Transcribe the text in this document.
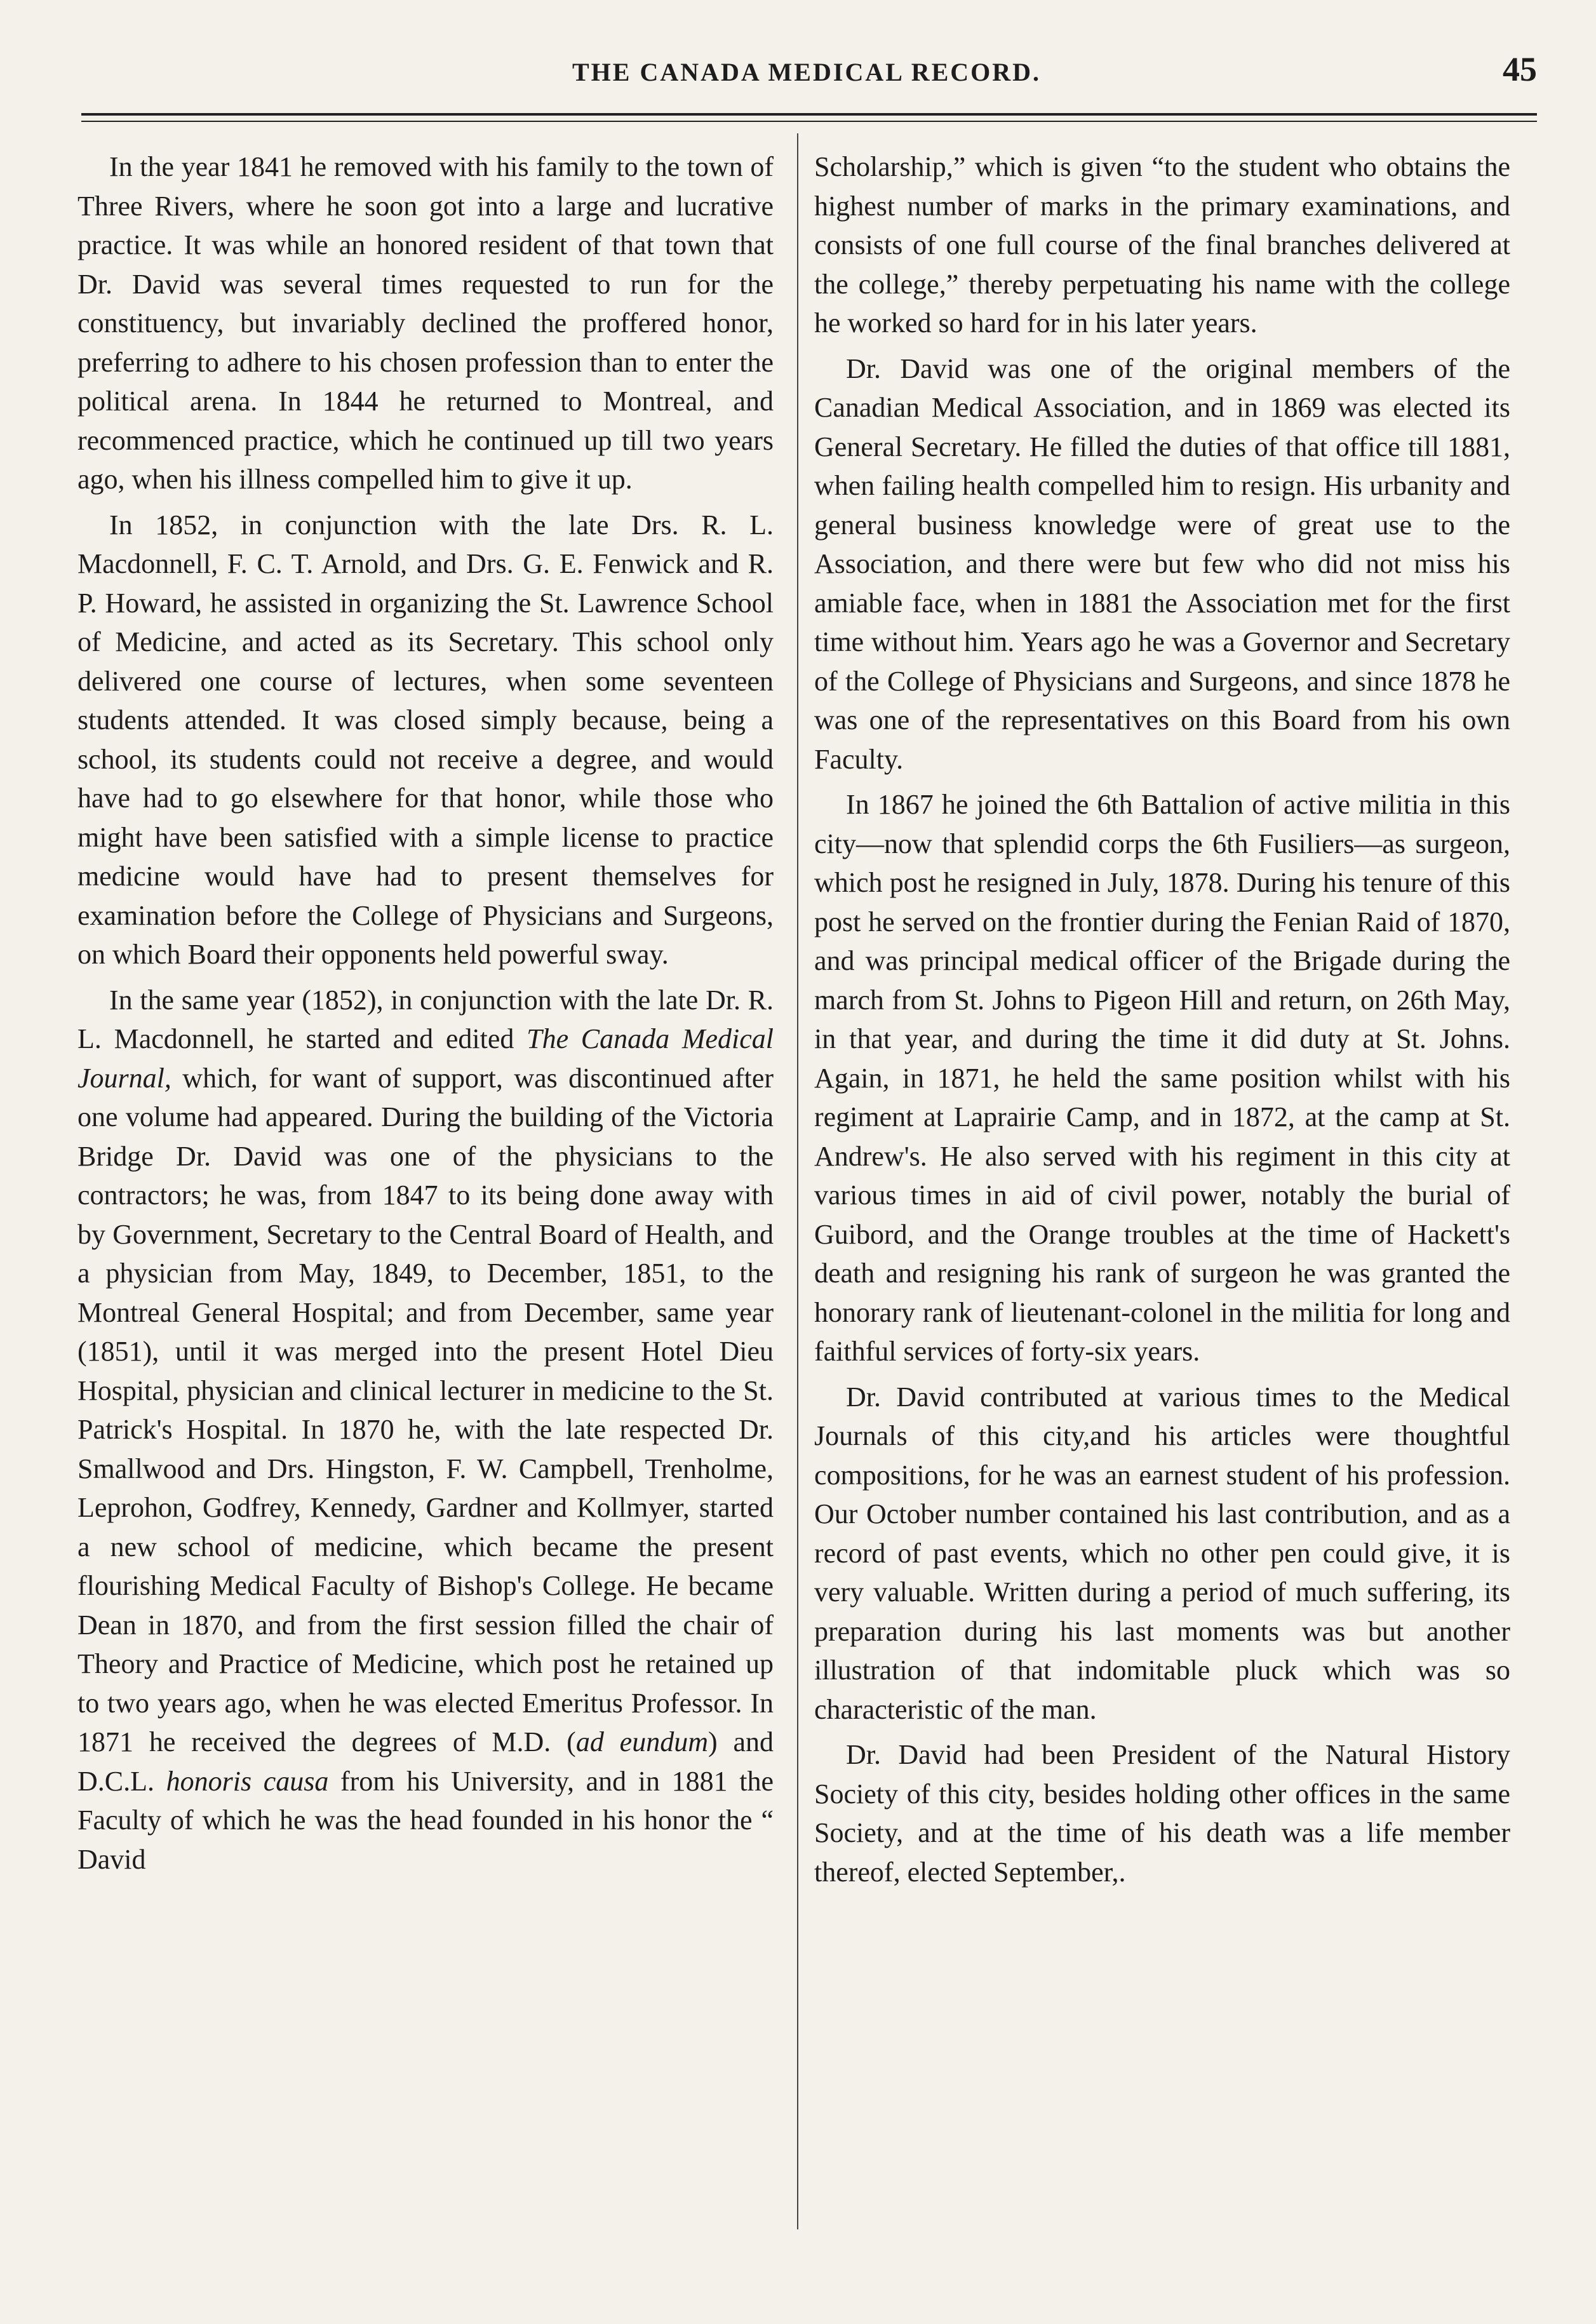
THE CANADA MEDICAL RECORD.	45

In the year 1841 he removed with his family to the town of Three Rivers, where he soon got into a large and lucrative practice. It was while an honored resident of that town that Dr. David was several times requested to run for the constituency, but invariably declined the proffered honor, preferring to adhere to his chosen profession than to enter the political arena. In 1844 he returned to Montreal, and recommenced practice, which he continued up till two years ago, when his illness compelled him to give it up.

In 1852, in conjunction with the late Drs. R. L. Macdonnell, F. C. T. Arnold, and Drs. G. E. Fenwick and R. P. Howard, he assisted in organizing the St. Lawrence School of Medicine, and acted as its Secretary. This school only delivered one course of lectures, when some seventeen students attended. It was closed simply because, being a school, its students could not receive a degree, and would have had to go elsewhere for that honor, while those who might have been satisfied with a simple license to practice medicine would have had to present themselves for examination before the College of Physicians and Surgeons, on which Board their opponents held powerful sway.

In the same year (1852), in conjunction with the late Dr. R. L. Macdonnell, he started and edited The Canada Medical Journal, which, for want of support, was discontinued after one volume had appeared. During the building of the Victoria Bridge Dr. David was one of the physicians to the contractors; he was, from 1847 to its being done away with by Government, Secretary to the Central Board of Health, and a physician from May, 1849, to December, 1851, to the Montreal General Hospital; and from December, same year (1851), until it was merged into the present Hotel Dieu Hospital, physician and clinical lecturer in medicine to the St. Patrick's Hospital. In 1870 he, with the late respected Dr. Smallwood and Drs. Hingston, F. W. Campbell, Trenholme, Leprohon, Godfrey, Kennedy, Gardner and Kollmyer, started a new school of medicine, which became the present flourishing Medical Faculty of Bishop's College. He became Dean in 1870, and from the first session filled the chair of Theory and Practice of Medicine, which post he retained up to two years ago, when he was elected Emeritus Professor. In 1871 he received the degrees of M.D. (ad eundum) and D.C.L. honoris causa from his University, and in 1881 the Faculty of which he was the head founded in his honor the “ David

Scholarship,” which is given “to the student who obtains the highest number of marks in the primary examinations, and consists of one full course of the final branches delivered at the college,” thereby perpetuating his name with the college he worked so hard for in his later years.

Dr. David was one of the original members of the Canadian Medical Association, and in 1869 was elected its General Secretary. He filled the duties of that office till 1881, when failing health compelled him to resign. His urbanity and general business knowledge were of great use to the Association, and there were but few who did not miss his amiable face, when in 1881 the Association met for the first time without him. Years ago he was a Governor and Secretary of the College of Physicians and Surgeons, and since 1878 he was one of the representatives on this Board from his own Faculty.

In 1867 he joined the 6th Battalion of active militia in this city—now that splendid corps the 6th Fusiliers—as surgeon, which post he resigned in July, 1878. During his tenure of this post he served on the frontier during the Fenian Raid of 1870, and was principal medical officer of the Brigade during the march from St. Johns to Pigeon Hill and return, on 26th May, in that year, and during the time it did duty at St. Johns. Again, in 1871, he held the same position whilst with his regiment at Laprairie Camp, and in 1872, at the camp at St. Andrew's. He also served with his regiment in this city at various times in aid of civil power, notably the burial of Guibord, and the Orange troubles at the time of Hackett's death and resigning his rank of surgeon he was granted the honorary rank of lieutenant-colonel in the militia for long and faithful services of forty-six years.

Dr. David contributed at various times to the Medical Journals of this city,and his articles were thoughtful compositions, for he was an earnest student of his profession. Our October number contained his last contribution, and as a record of past events, which no other pen could give, it is very valuable. Written during a period of much suffering, its preparation during his last moments was but another illustration of that indomitable pluck which was so characteristic of the man.

Dr. David had been President of the Natural History Society of this city, besides holding other offices in the same Society, and at the time of his death was a life member thereof, elected September,.
